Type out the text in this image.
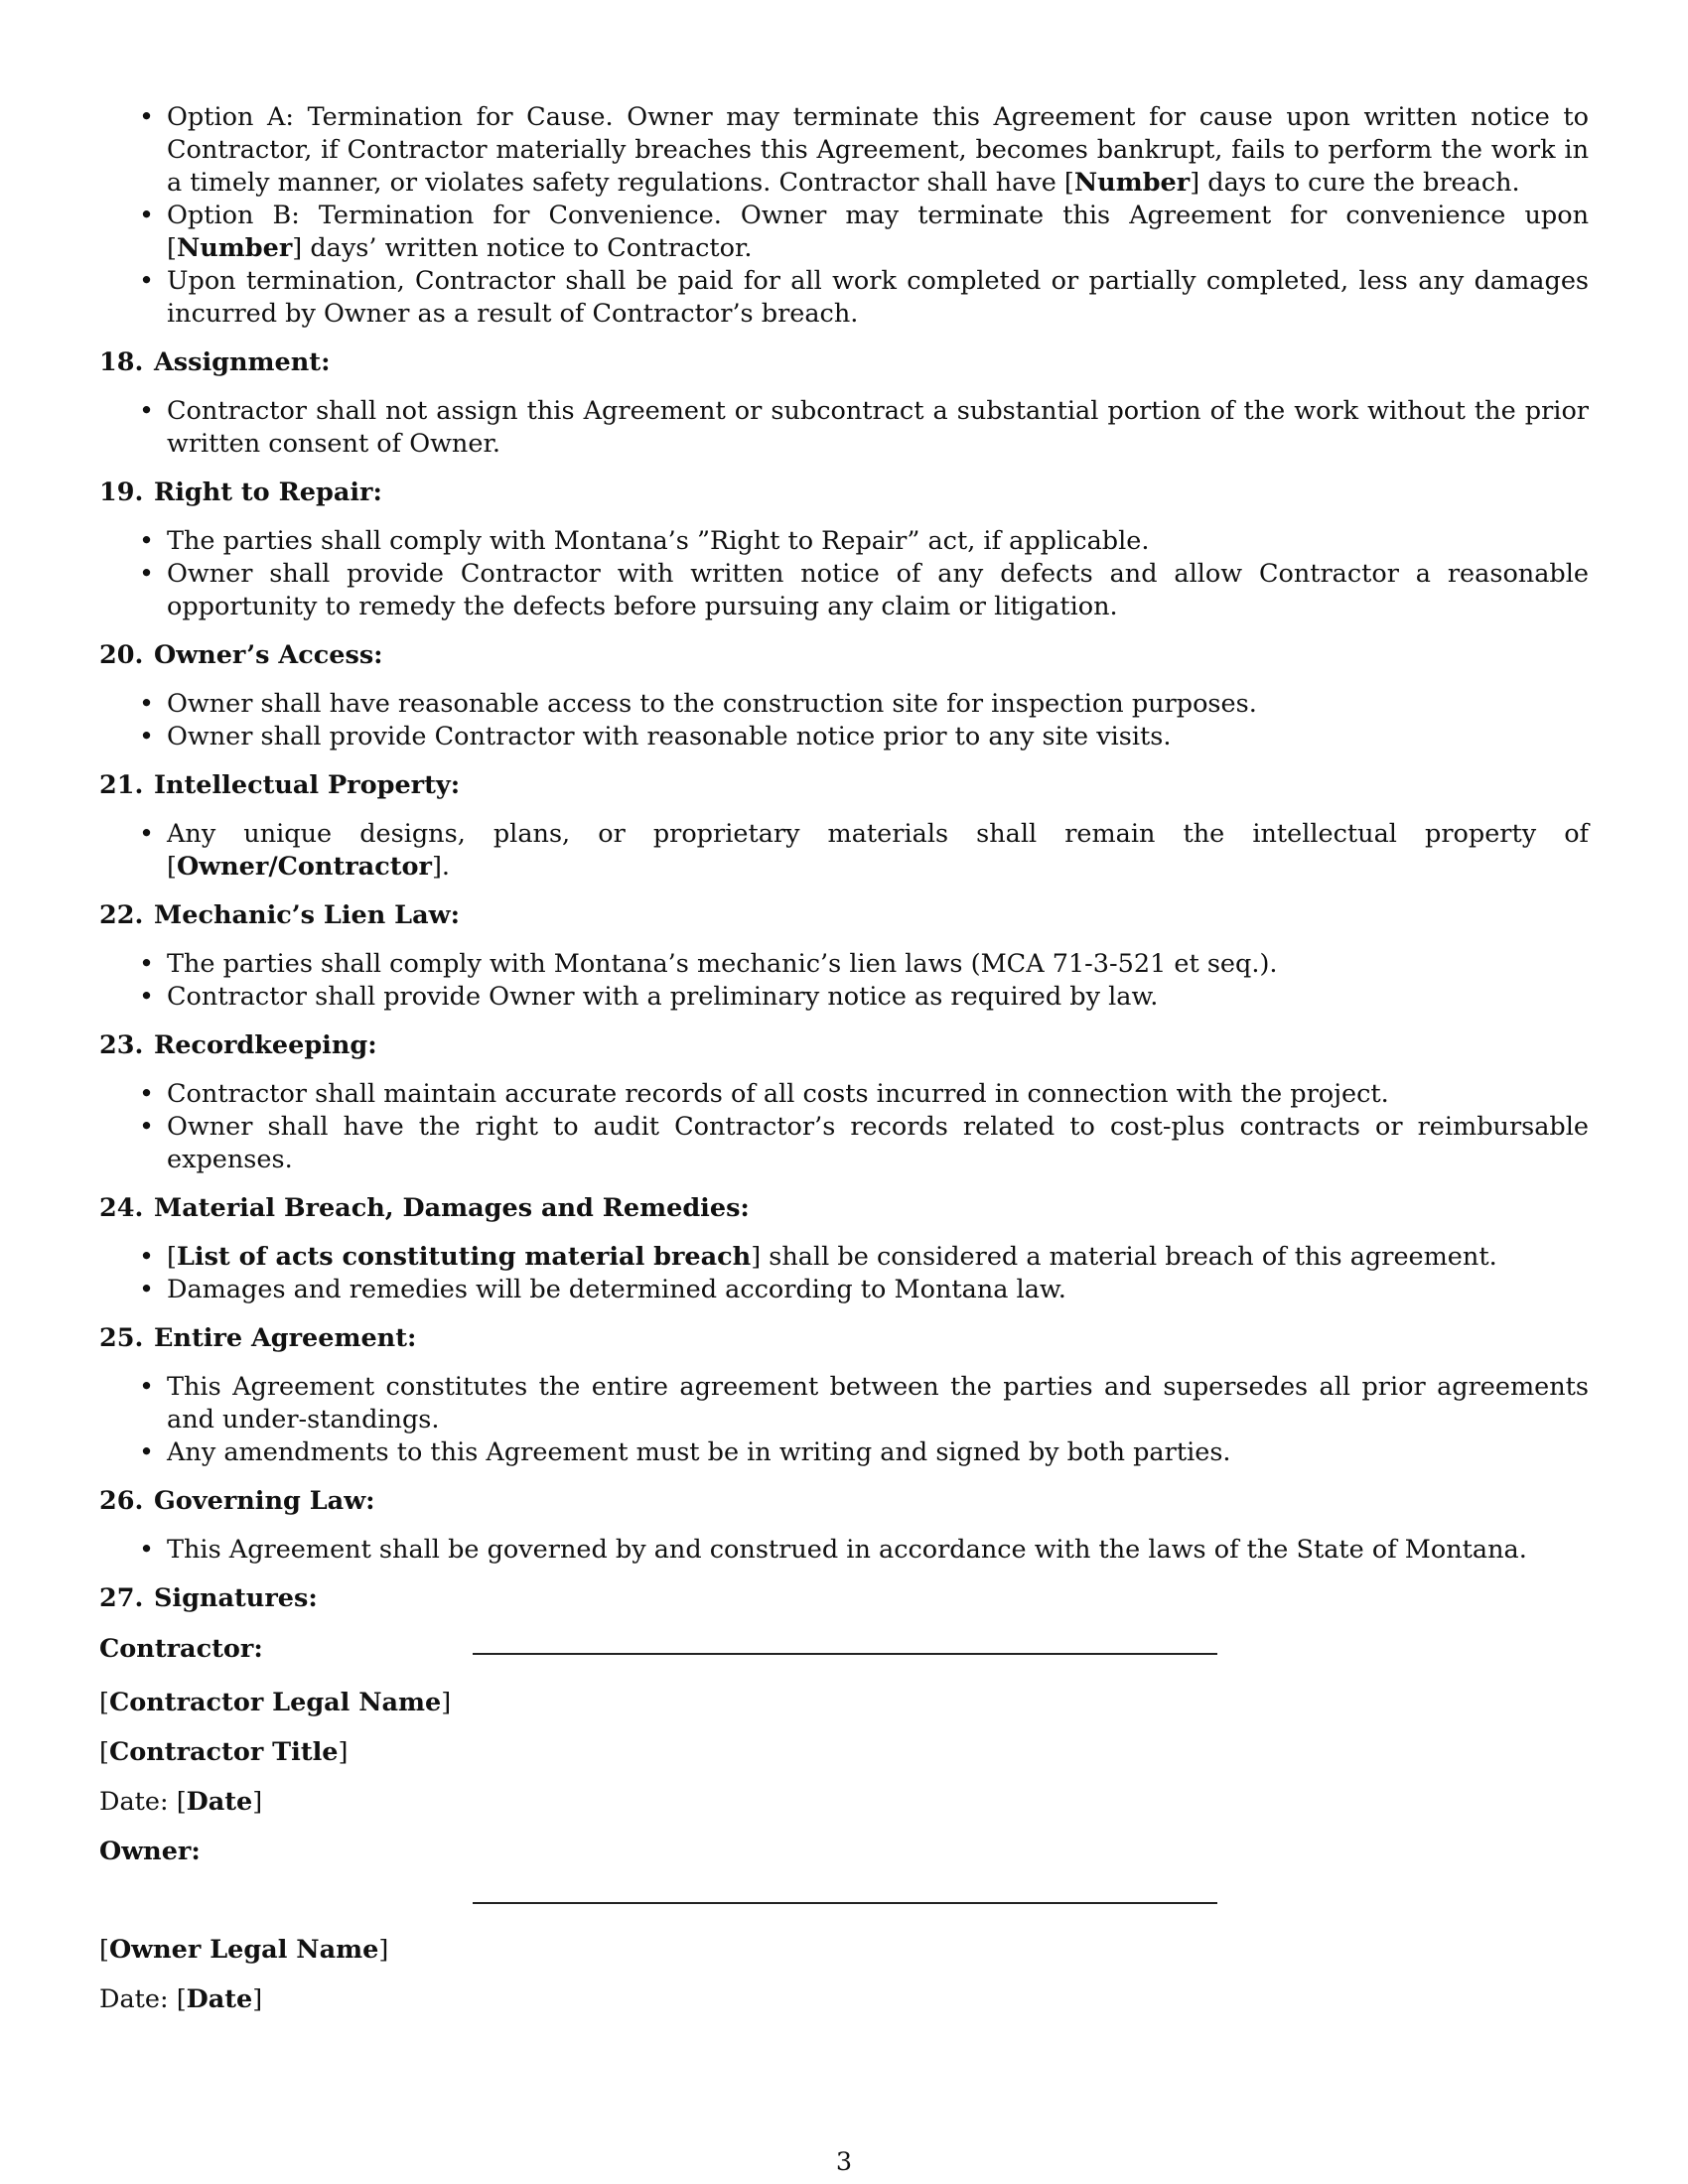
• Option A: Termination for Cause. Owner may terminate this Agreement for cause upon written notice to Contractor, if Contractor materially breaches this Agreement, becomes bankrupt, fails to perform the work in a timely manner, or violates safety regulations. Contractor shall have [Number] days to cure the breach.
• Option B: Termination for Convenience. Owner may terminate this Agreement for convenience upon [Number] days’ written notice to Contractor.
• Upon termination, Contractor shall be paid for all work completed or partially completed, less any damages incurred by Owner as a result of Contractor’s breach.
18. Assignment:
• Contractor shall not assign this Agreement or subcontract a substantial portion of the work without the prior written consent of Owner.
19. Right to Repair:
• The parties shall comply with Montana’s ”Right to Repair” act, if applicable.
• Owner shall provide Contractor with written notice of any defects and allow Contractor a reasonable opportunity to remedy the defects before pursuing any claim or litigation.
20. Owner’s Access:
• Owner shall have reasonable access to the construction site for inspection purposes.
• Owner shall provide Contractor with reasonable notice prior to any site visits.
21. Intellectual Property:
• Any unique designs, plans, or proprietary materials shall remain the intellectual property of [Owner/Contractor].
22. Mechanic’s Lien Law:
• The parties shall comply with Montana’s mechanic’s lien laws (MCA 71-3-521 et seq.).
• Contractor shall provide Owner with a preliminary notice as required by law.
23. Recordkeeping:
• Contractor shall maintain accurate records of all costs incurred in connection with the project.
• Owner shall have the right to audit Contractor’s records related to cost-plus contracts or reimbursable expenses.
24. Material Breach, Damages and Remedies:
• [List of acts constituting material breach] shall be considered a material breach of this agreement.
• Damages and remedies will be determined according to Montana law.
25. Entire Agreement:
• This Agreement constitutes the entire agreement between the parties and supersedes all prior agreements and under-standings.
• Any amendments to this Agreement must be in writing and signed by both parties.
26. Governing Law:
• This Agreement shall be governed by and construed in accordance with the laws of the State of Montana.
27. Signatures:
Contractor:
[Contractor Legal Name]
[Contractor Title]
Date: [Date]
Owner:
[Owner Legal Name]
Date: [Date]
3
